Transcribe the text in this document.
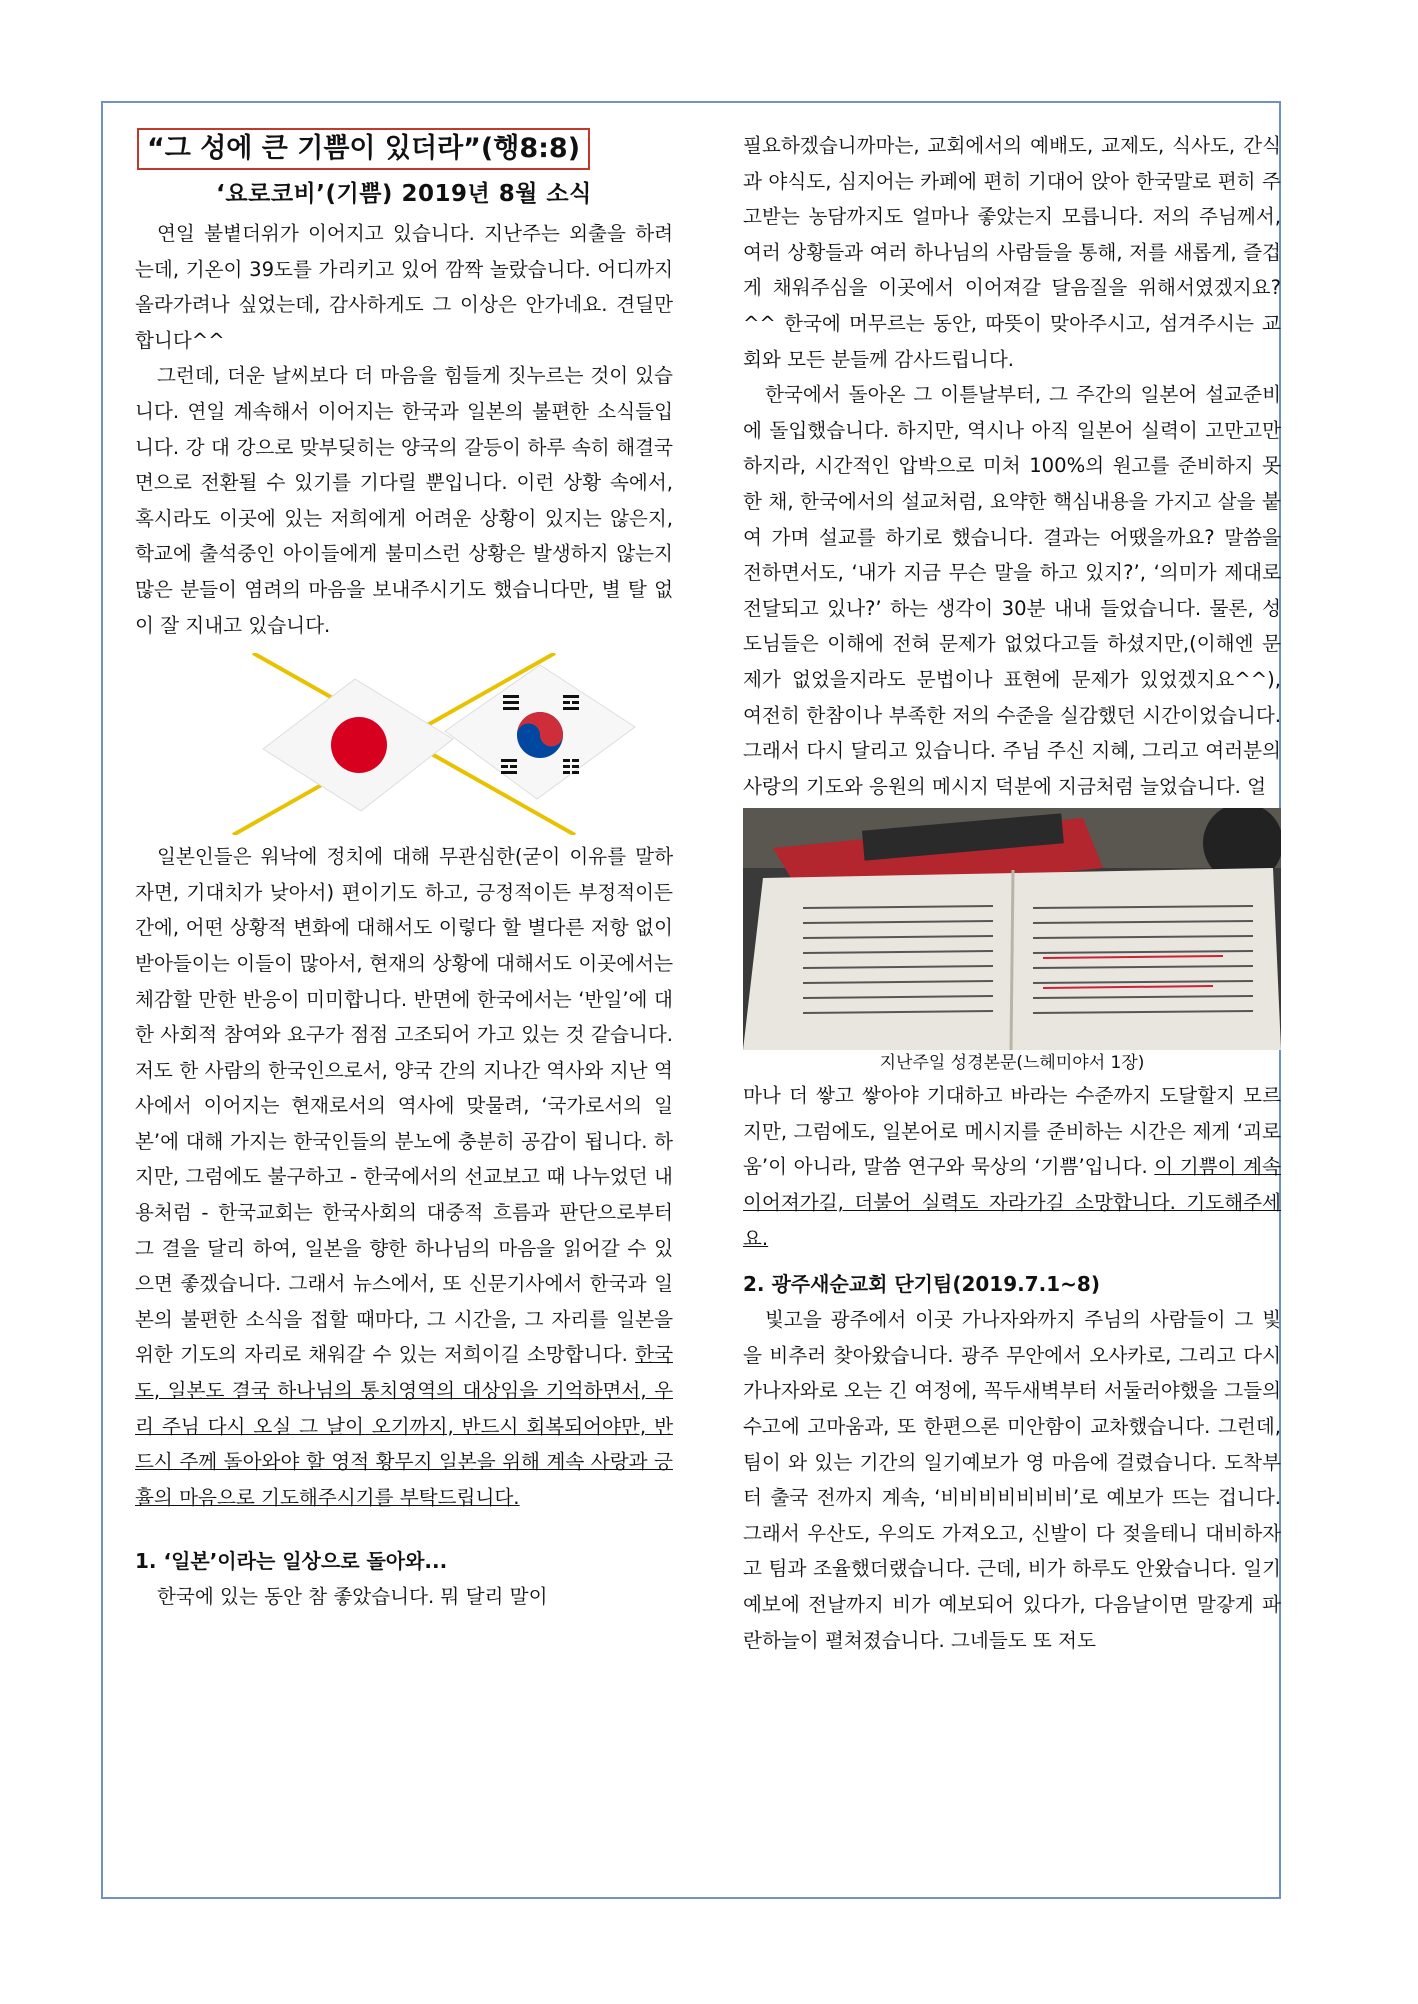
“그 성에 큰 기쁨이 있더라”(행8:8)
‘요로코비’(기쁨) 2019년 8월 소식

연일 불볕더위가 이어지고 있습니다. 지난주는 외출을 하려는데, 기온이 39도를 가리키고 있어 깜짝 놀랐습니다. 어디까지 올라가려나 싶었는데, 감사하게도 그 이상은 안가네요. 견딜만합니다^^

그런데, 더운 날씨보다 더 마음을 힘들게 짓누르는 것이 있습니다. 연일 계속해서 이어지는 한국과 일본의 불편한 소식들입니다. 강 대 강으로 맞부딪히는 양국의 갈등이 하루 속히 해결국면으로 전환될 수 있기를 기다릴 뿐입니다. 이런 상황 속에서, 혹시라도 이곳에 있는 저희에게 어려운 상황이 있지는 않은지, 학교에 출석중인 아이들에게 불미스런 상황은 발생하지 않는지 많은 분들이 염려의 마음을 보내주시기도 했습니다만, 별 탈 없이 잘 지내고 있습니다.

일본인들은 워낙에 정치에 대해 무관심한(굳이 이유를 말하자면, 기대치가 낮아서) 편이기도 하고, 긍정적이든 부정적이든 간에, 어떤 상황적 변화에 대해서도 이렇다 할 별다른 저항 없이 받아들이는 이들이 많아서, 현재의 상황에 대해서도 이곳에서는 체감할 만한 반응이 미미합니다. 반면에 한국에서는 ‘반일’에 대한 사회적 참여와 요구가 점점 고조되어 가고 있는 것 같습니다. 저도 한 사람의 한국인으로서, 양국 간의 지나간 역사와 지난 역사에서 이어지는 현재로서의 역사에 맞물려, ‘국가로서의 일본’에 대해 가지는 한국인들의 분노에 충분히 공감이 됩니다. 하지만, 그럼에도 불구하고 - 한국에서의 선교보고 때 나누었던 내용처럼 - 한국교회는 한국사회의 대중적 흐름과 판단으로부터 그 결을 달리 하여, 일본을 향한 하나님의 마음을 읽어갈 수 있으면 좋겠습니다. 그래서 뉴스에서, 또 신문기사에서 한국과 일본의 불편한 소식을 접할 때마다, 그 시간을, 그 자리를 일본을 위한 기도의 자리로 채워갈 수 있는 저희이길 소망합니다. 한국도, 일본도 결국 하나님의 통치영역의 대상임을 기억하면서, 우리 주님 다시 오실 그 날이 오기까지, 반드시 회복되어야만, 반드시 주께 돌아와야 할 영적 황무지 일본을 위해 계속 사랑과 긍휼의 마음으로 기도해주시기를 부탁드립니다.

1. ‘일본’이라는 일상으로 돌아와...

한국에 있는 동안 참 좋았습니다. 뭐 달리 말이

필요하겠습니까마는, 교회에서의 예배도, 교제도, 식사도, 간식과 야식도, 심지어는 카페에 편히 기대어 앉아 한국말로 편히 주고받는 농담까지도 얼마나 좋았는지 모릅니다. 저의 주님께서, 여러 상황들과 여러 하나님의 사람들을 통해, 저를 새롭게, 즐겁게 채워주심을 이곳에서 이어져갈 달음질을 위해서였겠지요?^^ 한국에 머무르는 동안, 따뜻이 맞아주시고, 섬겨주시는 교회와 모든 분들께 감사드립니다.

한국에서 돌아온 그 이튿날부터, 그 주간의 일본어 설교준비에 돌입했습니다. 하지만, 역시나 아직 일본어 실력이 고만고만하지라, 시간적인 압박으로 미처 100%의 원고를 준비하지 못한 채, 한국에서의 설교처럼, 요약한 핵심내용을 가지고 살을 붙여 가며 설교를 하기로 했습니다. 결과는 어땠을까요? 말씀을 전하면서도, ‘내가 지금 무슨 말을 하고 있지?’, ‘의미가 제대로 전달되고 있나?’ 하는 생각이 30분 내내 들었습니다. 물론, 성도님들은 이해에 전혀 문제가 없었다고들 하셨지만,(이해엔 문제가 없었을지라도 문법이나 표현에 문제가 있었겠지요^^), 여전히 한참이나 부족한 저의 수준을 실감했던 시간이었습니다. 그래서 다시 달리고 있습니다. 주님 주신 지혜, 그리고 여러분의 사랑의 기도와 응원의 메시지 덕분에 지금처럼 늘었습니다. 얼

지난주일 성경본문(느헤미야서 1장)

마나 더 쌓고 쌓아야 기대하고 바라는 수준까지 도달할지 모르지만, 그럼에도, 일본어로 메시지를 준비하는 시간은 제게 ‘괴로움’이 아니라, 말씀 연구와 묵상의 ‘기쁨’입니다. 이 기쁨이 계속 이어져가길, 더불어 실력도 자라가길 소망합니다. 기도해주세요.

2. 광주새순교회 단기팀(2019.7.1~8)

빛고을 광주에서 이곳 가나자와까지 주님의 사람들이 그 빛을 비추러 찾아왔습니다. 광주 무안에서 오사카로, 그리고 다시 가나자와로 오는 긴 여정에, 꼭두새벽부터 서둘러야했을 그들의 수고에 고마움과, 또 한편으론 미안함이 교차했습니다. 그런데, 팀이 와 있는 기간의 일기예보가 영 마음에 걸렸습니다. 도착부터 출국 전까지 계속, ‘비비비비비비비’로 예보가 뜨는 겁니다. 그래서 우산도, 우의도 가져오고, 신발이 다 젖을테니 대비하자고 팀과 조율했더랬습니다. 근데, 비가 하루도 안왔습니다. 일기예보에 전날까지 비가 예보되어 있다가, 다음날이면 말갛게 파란하늘이 펼쳐졌습니다. 그네들도 또 저도
